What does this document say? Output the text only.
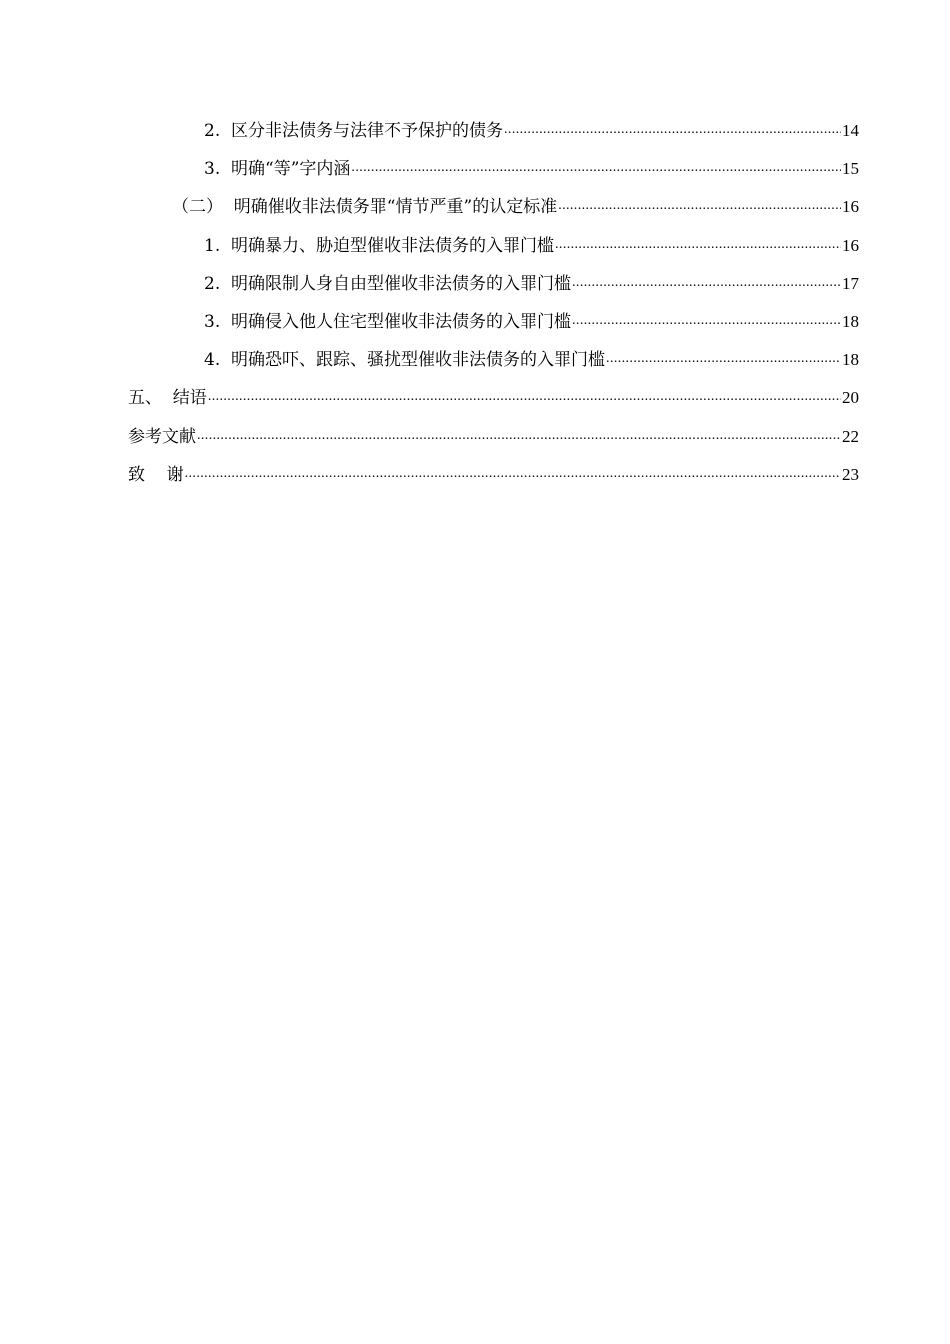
2.  区分非法债务与法律不予保护的债务 .....	14
3.  明确“等”字内涵 .....	15
（二）  明确催收非法债务罪“情节严重”的认定标准 .....	16
1.  明确暴力、胁迫型催收非法债务的入罪门槛 .....	16
2.  明确限制人身自由型催收非法债务的入罪门槛 .....	17
3.  明确侵入他人住宅型催收非法债务的入罪门槛 .....	18
4.  明确恐吓、跟踪、骚扰型催收非法债务的入罪门槛 .....	18
五、  结语 .....	20
参考文献 .....	22
致    谢 .....	23
